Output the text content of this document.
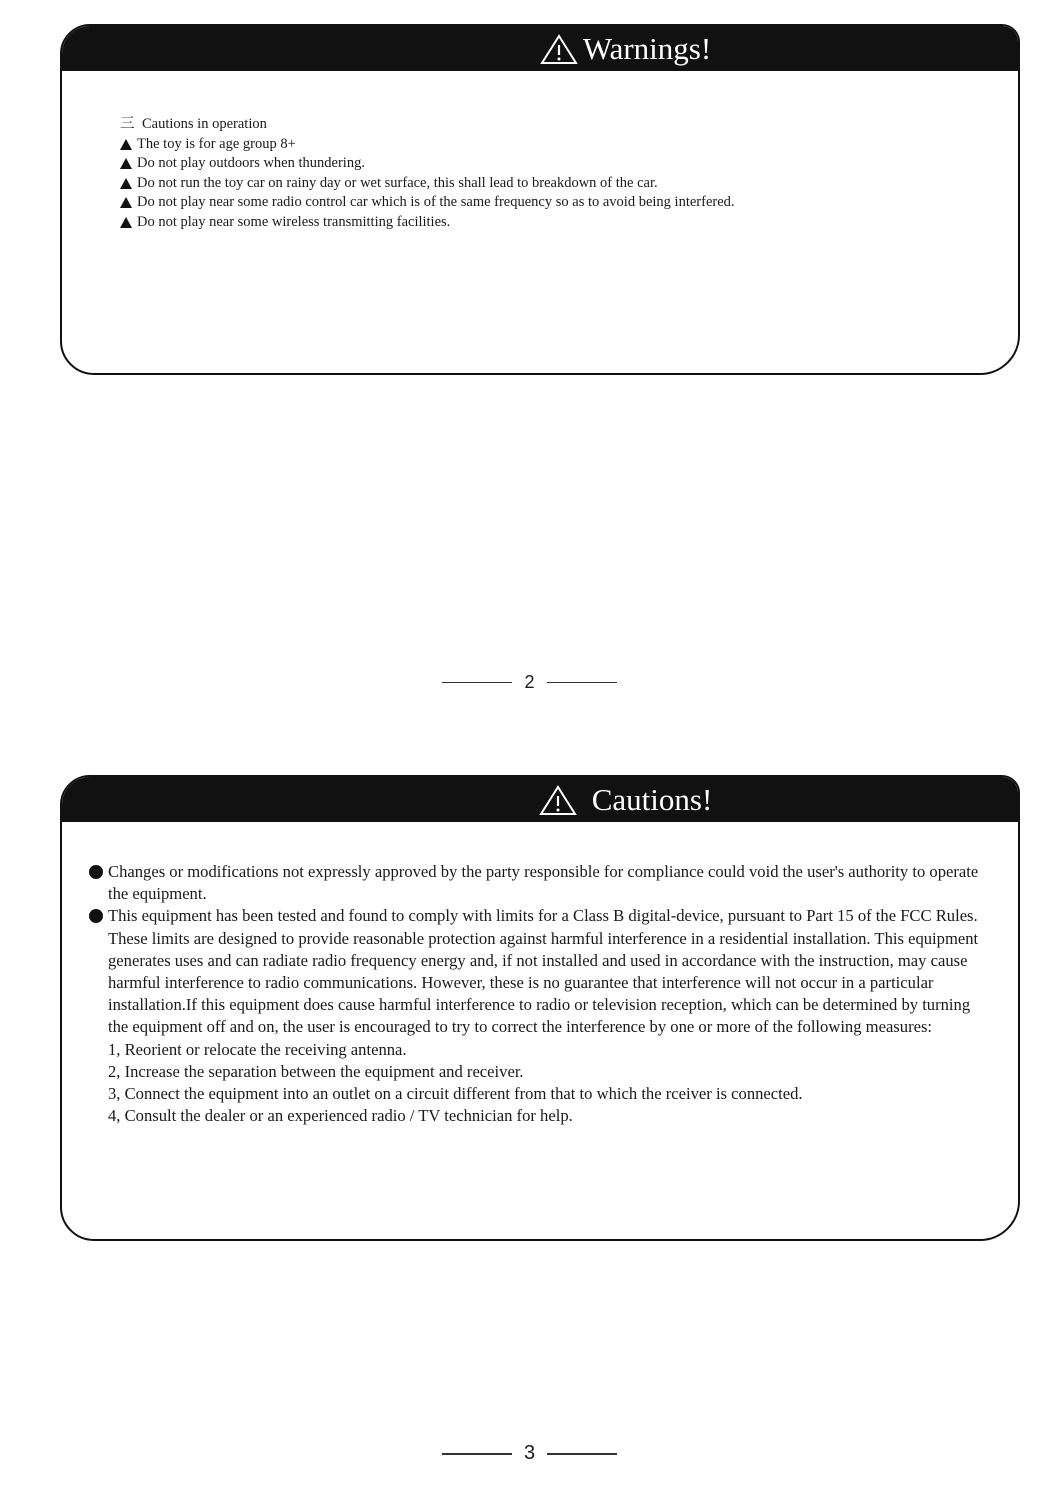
Warnings!
三 Cautions in operation
The toy is for age group 8+
Do not play outdoors when thundering.
Do not run the toy car on rainy day or wet surface, this shall lead to breakdown of the car.
Do not play near some radio control car which is of the same frequency so as to avoid being interfered.
Do not play near some wireless transmitting facilities.
2
Cautions!

Changes or modifications not expressly approved by the party responsible for compliance could void the user's authority to operate the equipment.

This equipment has been tested and found to comply with limits for a Class B digital-device, pursuant to Part 15 of the FCC Rules. These limits are designed to provide reasonable protection against harmful interference in a residential installation. This equipment generates uses and can radiate radio frequency energy and, if not installed and used in accordance with the instruction, may cause harmful interference to radio communications. However, these is no guarantee that interference will not occur in a particular installation.If this equipment does cause harmful interference to radio or television reception, which can be determined by turning the equipment off and on, the user is encouraged to try to correct the interference by one or more of the following measures:

1, Reorient or relocate the receiving antenna.
2, Increase the separation between the equipment and receiver.
3, Connect the equipment into an outlet on a circuit different from that to which the rceiver is connected.
4, Consult the dealer or an experienced radio / TV technician for help.
3
